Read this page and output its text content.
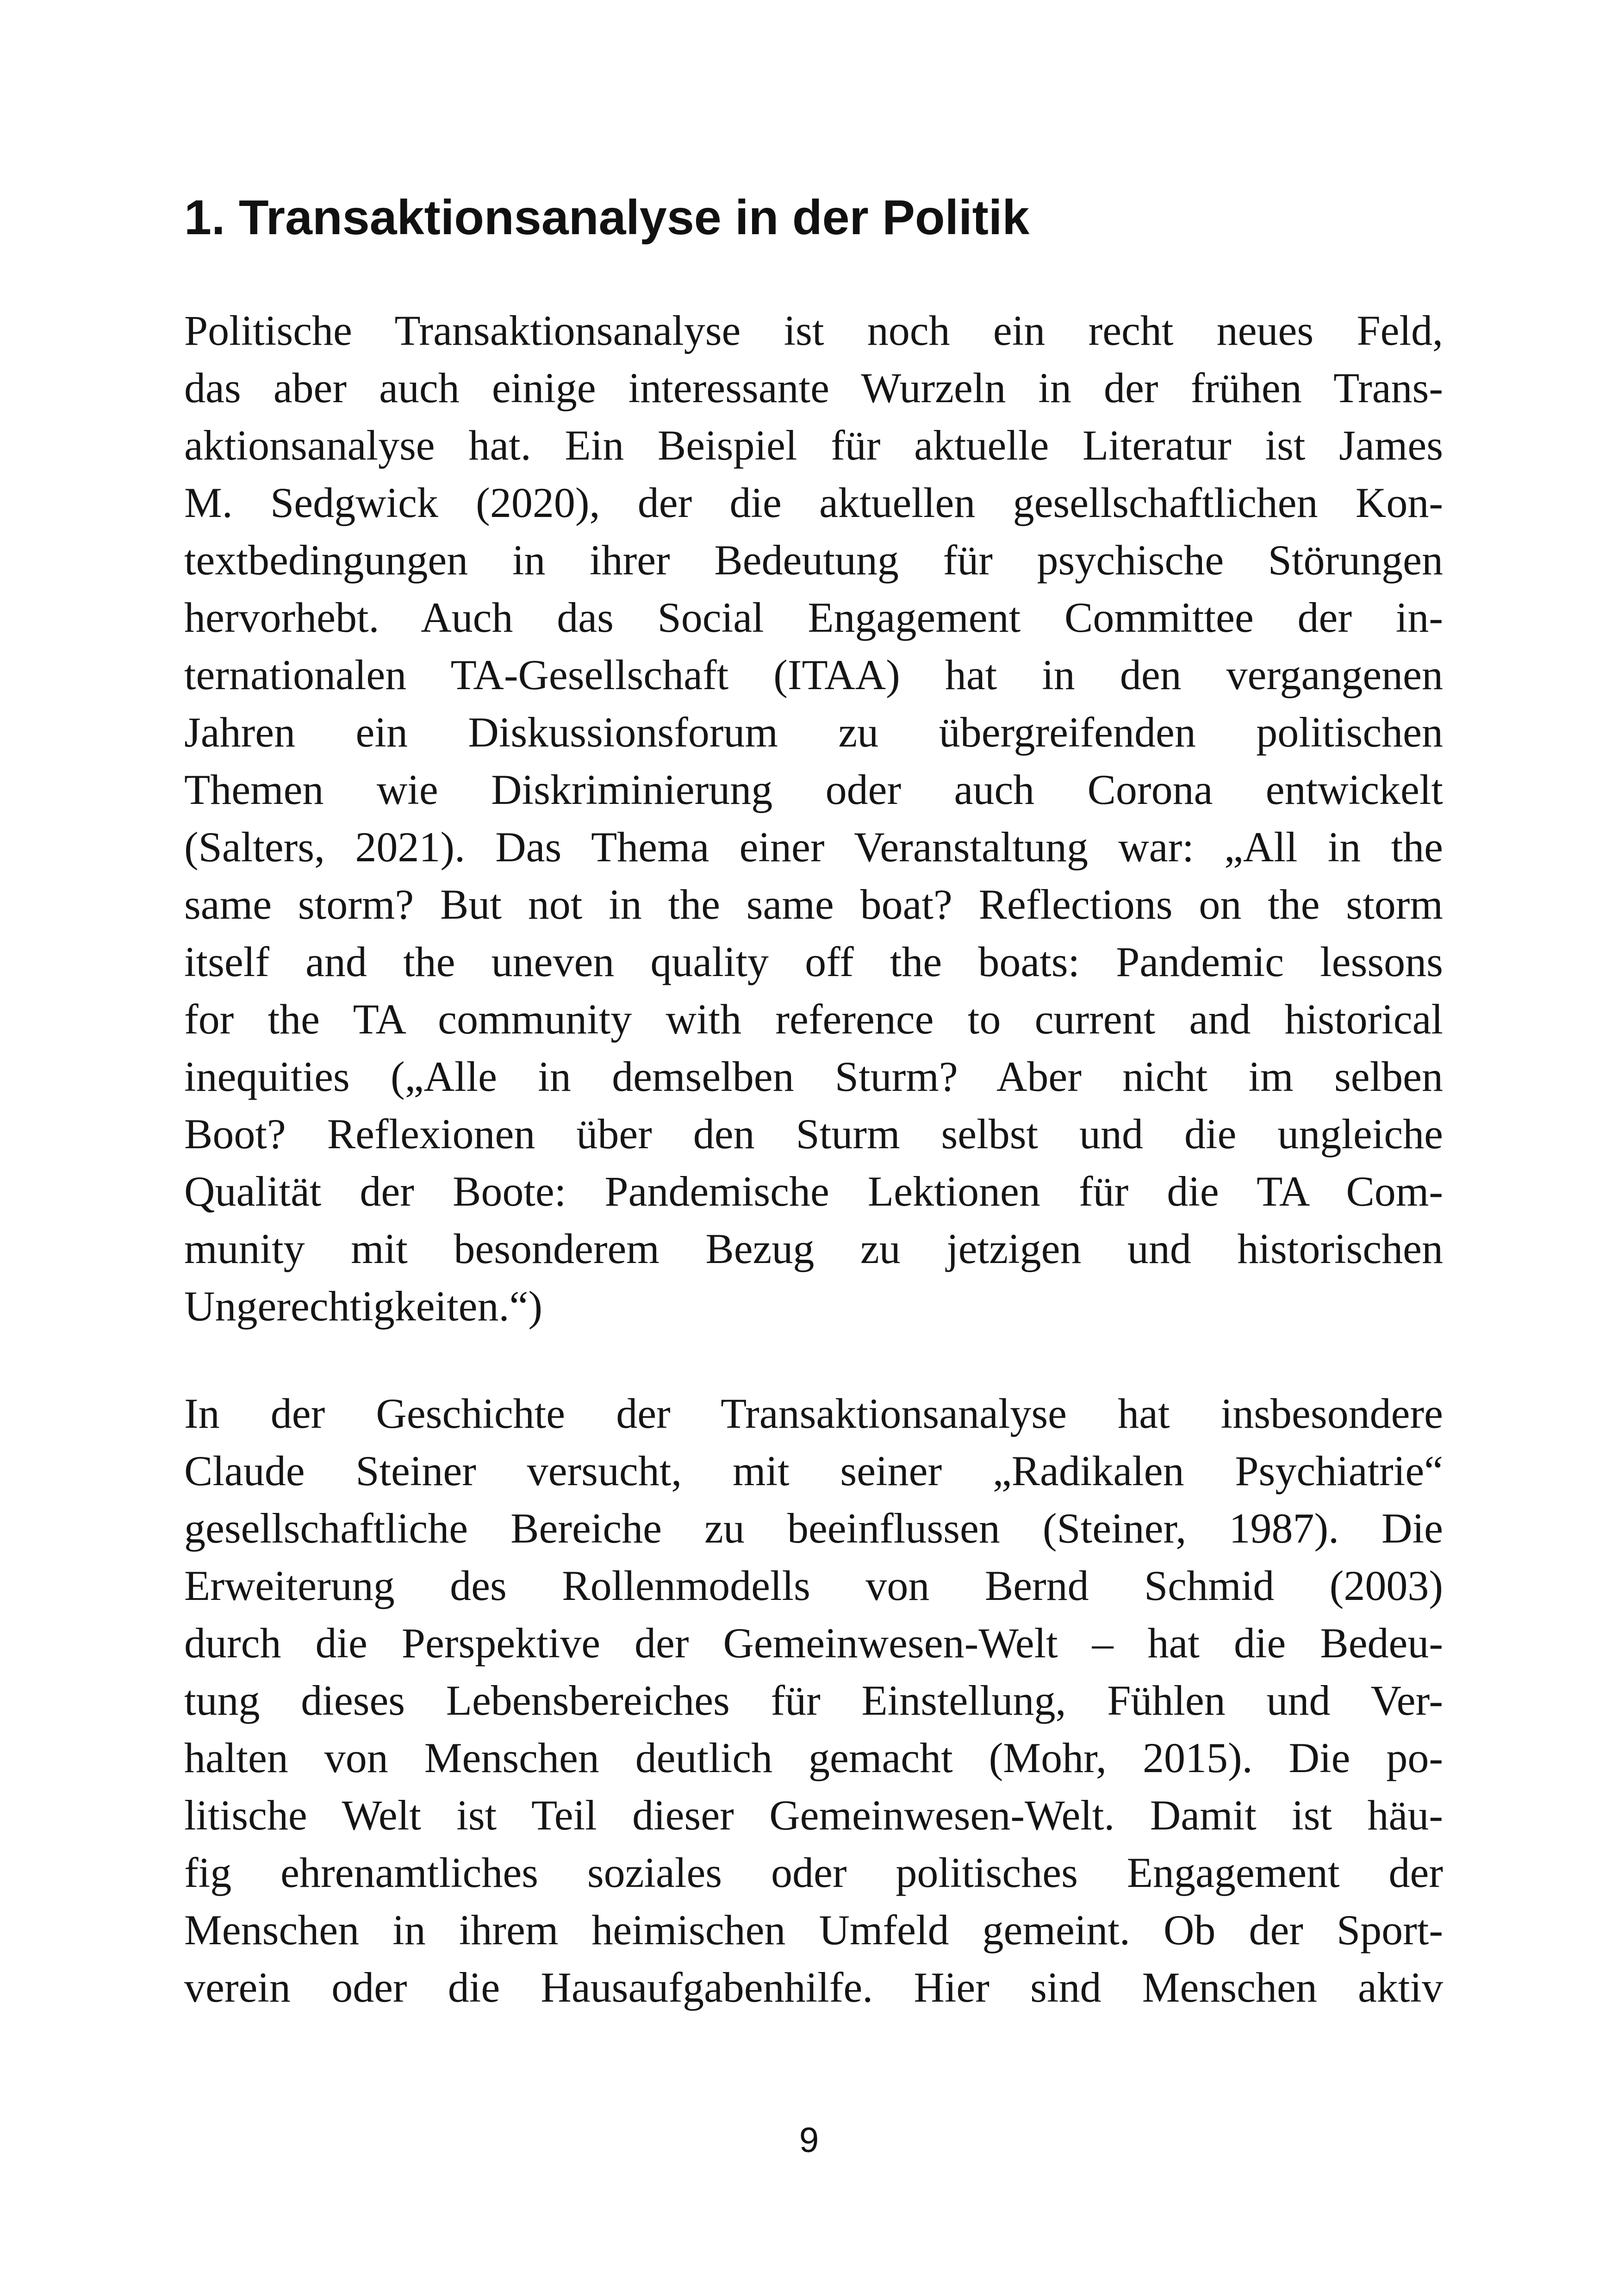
1. Transaktionsanalyse in der Politik

Politische Transaktionsanalyse ist noch ein recht neues Feld,

das aber auch einige interessante Wurzeln in der frühen Trans-

aktionsanalyse hat. Ein Beispiel für aktuelle Literatur ist James

M. Sedgwick (2020), der die aktuellen gesellschaftlichen Kon-

textbedingungen in ihrer Bedeutung für psychische Störungen

hervorhebt. Auch das Social Engagement Committee der in-

ternationalen TA-Gesellschaft (ITAA) hat in den vergangenen

Jahren ein Diskussionsforum zu übergreifenden politischen

Themen wie Diskriminierung oder auch Corona entwickelt

(Salters, 2021). Das Thema einer Veranstaltung war: „All in the

same storm? But not in the same boat? Reflections on the storm

itself and the uneven quality off the boats: Pandemic lessons

for the TA community with reference to current and historical

inequities („Alle in demselben Sturm? Aber nicht im selben

Boot? Reflexionen über den Sturm selbst und die ungleiche

Qualität der Boote: Pandemische Lektionen für die TA Com-

munity mit besonderem Bezug zu jetzigen und historischen

Ungerechtigkeiten.“)

In der Geschichte der Transaktionsanalyse hat insbesondere

Claude Steiner versucht, mit seiner „Radikalen Psychiatrie“

gesellschaftliche Bereiche zu beeinflussen (Steiner, 1987). Die

Erweiterung des Rollenmodells von Bernd Schmid (2003)

durch die Perspektive der Gemeinwesen-Welt – hat die Bedeu-

tung dieses Lebensbereiches für Einstellung, Fühlen und Ver-

halten von Menschen deutlich gemacht (Mohr, 2015). Die po-

litische Welt ist Teil dieser Gemeinwesen-Welt. Damit ist häu-

fig ehrenamtliches soziales oder politisches Engagement der

Menschen in ihrem heimischen Umfeld gemeint. Ob der Sport-

verein oder die Hausaufgabenhilfe. Hier sind Menschen aktiv

9
